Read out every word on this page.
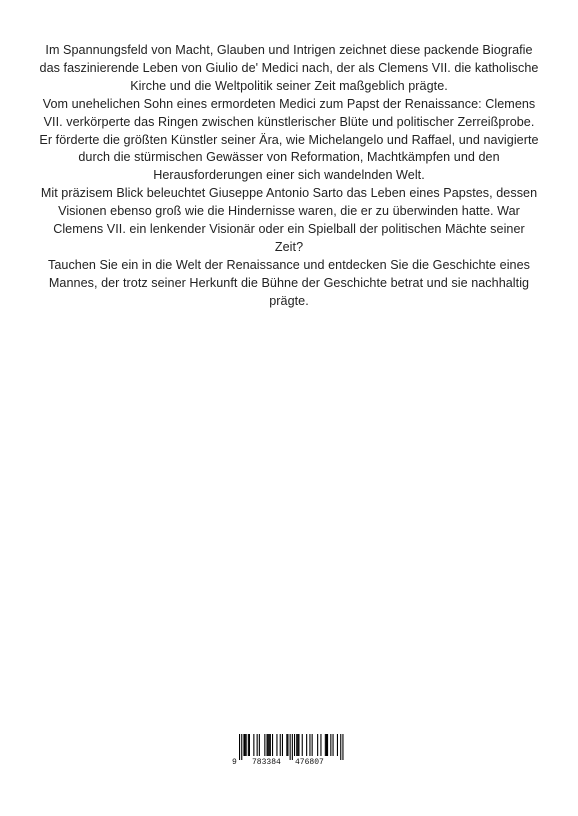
Im Spannungsfeld von Macht, Glauben und Intrigen zeichnet diese packende Biografie das faszinierende Leben von Giulio de' Medici nach, der als Clemens VII. die katholische Kirche und die Weltpolitik seiner Zeit maßgeblich prägte.

Vom unehelichen Sohn eines ermordeten Medici zum Papst der Renaissance: Clemens VII. verkörperte das Ringen zwischen künstlerischer Blüte und politischer Zerreißprobe. Er förderte die größten Künstler seiner Ära, wie Michelangelo und Raffael, und navigierte durch die stürmischen Gewässer von Reformation, Machtkämpfen und den Herausforderungen einer sich wandelnden Welt.

Mit präzisem Blick beleuchtet Giuseppe Antonio Sarto das Leben eines Papstes, dessen Visionen ebenso groß wie die Hindernisse waren, die er zu überwinden hatte. War Clemens VII. ein lenkender Visionär oder ein Spielball der politischen Mächte seiner Zeit?

Tauchen Sie ein in die Welt der Renaissance und entdecken Sie die Geschichte eines Mannes, der trotz seiner Herkunft die Bühne der Geschichte betrat und sie nachhaltig prägte.

9 783384 476807
